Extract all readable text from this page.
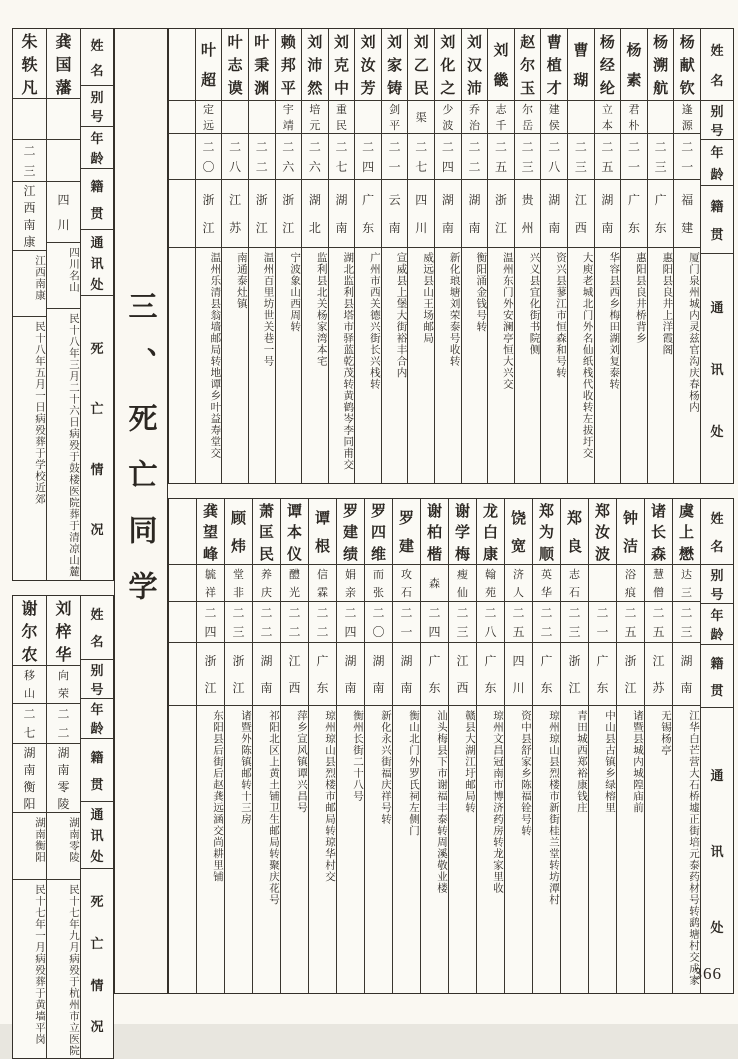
姓
名
别
号
年
龄
籍
贯
通
讯
处
杨
献
钦
逢
源
二
一
福
建
厦门泉州城内灵兹官沟庆春杨内
杨
溯
航
二
三
广
东
惠阳县良井上洋霞阁
杨
素
君
朴
二
一
广
东
惠阳县良井桥背乡
杨
经
纶
立
本
二
五
湖
南
华容县西乡梅田湖刘复泰转
曹
瑚
二
三
江
西
大庾老城北门外名仙纸栈代收转左拔圩交
曹
植
才
建
侯
二
八
湖
南
资兴县蓼江市恒森和号转
赵
尔
玉
尔
岳
二
三
贵
州
兴义县宜化街书院侧
刘
畿
志
千
二
五
浙
江
温州东门外安澜亭恒大兴交
刘
汉
沛
乔
治
二
二
湖
南
衡阳涌金钱号转
刘
化
之
少
波
二
四
湖
南
新化琅塘刘荣泰号收转
刘
乙
民
渠
二
七
四
川
威远县山王场邮局
刘
家
铸
剑
平
二
一
云
南
宣威县上堡大街裕丰合内
刘
汝
芳
二
四
广
东
广州市西关德兴街长兴栈转
刘
克
中
重
民
二
七
湖
南
湖北监利县塔市驿蓝乾茂转黄鹤岑李同甫交
刘
沛
然
培
元
二
六
湖
北
监利县北关杨家湾本宅
赖
邦
平
宇
靖
二
六
浙
江
宁波象山西周转
叶
秉
渊
二
二
浙
江
温州百里坊世关巷一号
叶
志
谟
二
八
江
苏
南通泰灶镇
叶
超
定
远
二
〇
浙
江
温州乐清县翁墙邮局转地谭乡叶益寿堂交
姓
名
别
号
年
龄
籍
贯
通
讯
处
虞
上
懋
达
三
二
三
湖
南
江华白芒营大石桥墟正街培元泰药材号转鹞塘村交成家
诸
长
森
慧
僧
二
五
江
苏
无锡杨亭
钟
洁
浴
痕
二
五
浙
江
诸暨县城内城隍庙前
郑
汝
波
二
一
广
东
中山县古镇乡绿榕里
郑
良
志
石
二
三
浙
江
青田城西郑裕康钱庄
郑
为
顺
英
华
二
二
广
东
琼州琼山县烈楼市新街桂兰堂转坊潭村
饶
宽
济
人
二
五
四
川
资中县舒家乡陈福铨号转
龙
白
康
翰
苑
二
八
广
东
琼州文昌冠南市博济药房转龙家里收
谢
学
梅
瘦
仙
二
三
江
西
赣县大湖江圩邮局转
谢
柏
楷
森
二
四
广
东
汕头梅县下市谢福丰泰转周溪敬业楼
罗
建
攻
石
二
一
湖
南
衡山北门外罗氏祠左侧门
罗
四
维
而
张
二
〇
湖
南
新化永兴街福庆祥号转
罗
建
绩
娟
亲
二
四
湖
南
衡州长街二十八号
谭
根
信
霖
二
二
广
东
琼州琼山县烈楼市邮局转琼华村交
谭
本
仪
醴
光
二
二
江
西
萍乡宣风镇谭兴昌号
萧
匡
民
养
庆
二
二
湖
南
祁阳北区上黄土铺卫生邮局转聚庆花号
顾
炜
堂
非
二
三
浙
江
诸暨外陈镇邮转十三房
龚
望
峰
毓
祥
二
四
浙
江
东阳县后街后赵龚远涵交尚耕里铺
三、死亡同学
姓
名
别
号
年
龄
籍
贯
通
讯
处
死
亡
情
况
龚
国
藩
四
川
四川名山
民十八年三月二十六日病殁于鼓楼医院葬于清凉山麓
朱
轶
凡
二
三
江
西
南
康
江西南康
民十八年五月一日病殁葬于学校近郊
姓
名
别
号
年
龄
籍
贯
通
讯
处
死
亡
情
况
刘
梓
华
向
荣
二
二
湖
南
零
陵
湖南零陵
民十七年九月病殁于杭州市立医院
谢
尔
农
移
山
二
七
湖
南
衡
阳
湖南衡阳
民十七年一月病殁葬于黄墙平岗	366
